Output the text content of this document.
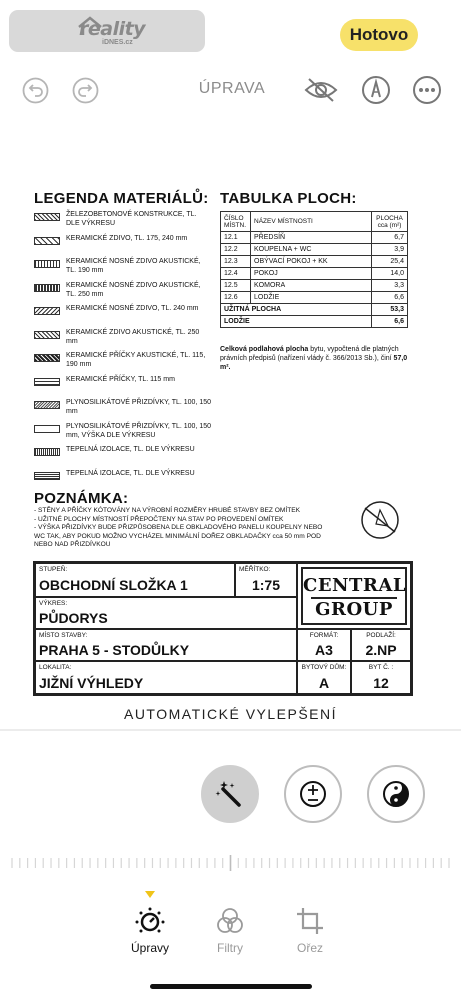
reality
iDNES.cz	Hotovo
ÚPRAVA
LEGENDA MATERIÁLŮ:
ŽELEZOBETONOVÉ KONSTRUKCE, TL. DLE VÝKRESU
KERAMICKÉ ZDIVO, TL. 175, 240 mm
KERAMICKÉ NOSNÉ ZDIVO AKUSTICKÉ, TL. 190 mm
KERAMICKÉ NOSNÉ ZDIVO AKUSTICKÉ, TL. 250 mm
KERAMICKÉ NOSNÉ ZDIVO, TL. 240 mm
KERAMICKÉ ZDIVO AKUSTICKÉ, TL. 250 mm
KERAMICKÉ PŘÍČKY AKUSTICKÉ, TL. 115, 190 mm
KERAMICKÉ PŘÍČKY, TL. 115 mm
PLYNOSILIKÁTOVÉ PŘIZDÍVKY, TL. 100, 150 mm
PLYNOSILIKÁTOVÉ PŘIZDÍVKY, TL. 100, 150 mm, VÝŠKA DLE VÝKRESU
TEPELNÁ IZOLACE, TL. DLE VÝKRESU
TEPELNÁ IZOLACE, TL. DLE VÝKRESU
TABULKA PLOCH:
ČÍSLO MÍSTN.	NÁZEV MÍSTNOSTI	PLOCHA cca (m²)
12.1	PŘEDSÍŇ	6,7
12.2	KOUPELNA + WC	3,9
12.3	OBÝVACÍ POKOJ + KK	25,4
12.4	POKOJ	14,0
12.5	KOMORA	3,3
12.6	LODŽIE	6,6
UŽITNÁ PLOCHA		53,3
LODŽIE		6,6
Celková podlahová plocha bytu, vypočtená dle platných právních předpisů (nařízení vlády č. 366/2013 Sb.), činí 57,0 m².
POZNÁMKA:
- STĚNY A PŘÍČKY KÓTOVÁNY NA VÝROBNÍ ROZMĚRY HRUBÉ STAVBY BEZ OMÍTEK
- UŽITNÉ PLOCHY MÍSTNOSTÍ PŘEPOČTENY NA STAV PO PROVEDENÍ OMÍTEK
- VÝŠKA PŘIZDÍVKY BUDE PŘIZPŮSOBENA DLE OBKLADOVÉHO PANELU KOUPELNY NEBO WC TAK, ABY POKUD MOŽNO VYCHÁZEL MINIMÁLNÍ DOŘEZ OBKLADAČKY cca 50 mm POD NEBO NAD PŘIZDÍVKOU
STUPEŇ:
OBCHODNÍ SLOŽKA 1
MĚŘÍTKO:
1:75
VÝKRES:
PŮDORYS
MÍSTO STAVBY:
PRAHA 5 - STODŮLKY
FORMÁT:
A3
PODLAŽÍ:
2.NP
LOKALITA:
JIŽNÍ VÝHLEDY
BYTOVÝ DŮM:
A
BYT Č. :
12
CENTRAL
GROUP
AUTOMATICKÉ VYLEPŠENÍ
Úpravy	Filtry	Ořez
